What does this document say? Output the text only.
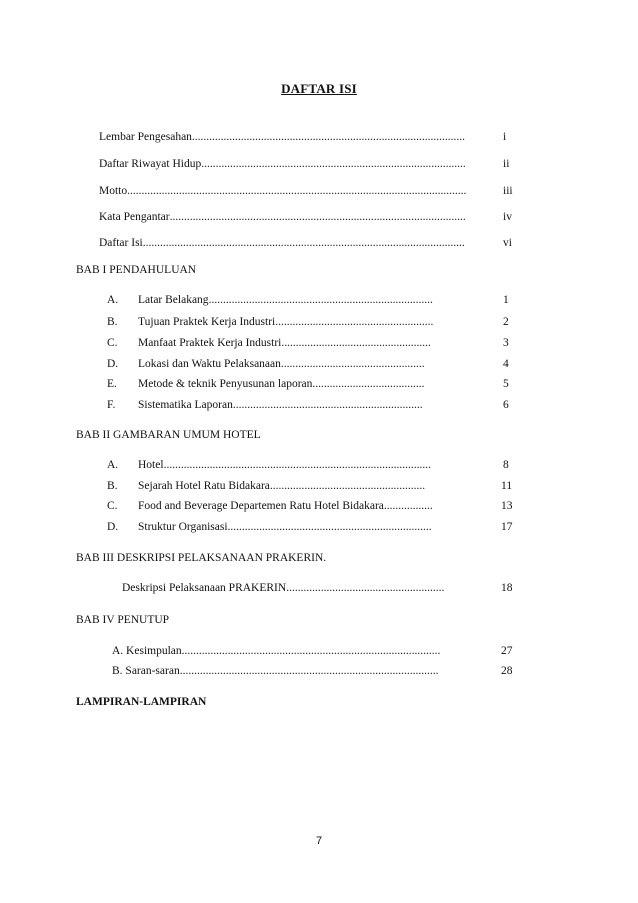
DAFTAR ISI
Lembar Pengesahan ...............................................................................................	i
Daftar Riwayat Hidup ............................................................................................	ii
Motto ......................................................................................................................	iii
Kata Pengantar .......................................................................................................	iv
Daftar Isi ................................................................................................................	vi
BAB I PENDAHULUAN
A. Latar Belakang ..............................................................................	1
B. Tujuan Praktek Kerja Industri .......................................................	2
C. Manfaat Praktek Kerja Industri ....................................................	3
D. Lokasi dan Waktu Pelaksanaan ..................................................	4
E. Metode & teknik Penyusunan laporan .......................................	5
F. Sistematika Laporan ..................................................................	6
BAB II GAMBARAN UMUM HOTEL
A. Hotel .............................................................................................	8
B. Sejarah Hotel Ratu Bidakara ......................................................	11
C. Food and Beverage Departemen Ratu Hotel Bidakara .................	13
D. Struktur Organisasi .......................................................................	17
BAB III DESKRIPSI PELAKSANAAN PRAKERIN.
Deskripsi Pelaksanaan PRAKERIN .......................................................	18
BAB IV PENUTUP
A. Kesimpulan ..........................................................................................	27
B. Saran-saran ..........................................................................................	28
LAMPIRAN-LAMPIRAN
7
